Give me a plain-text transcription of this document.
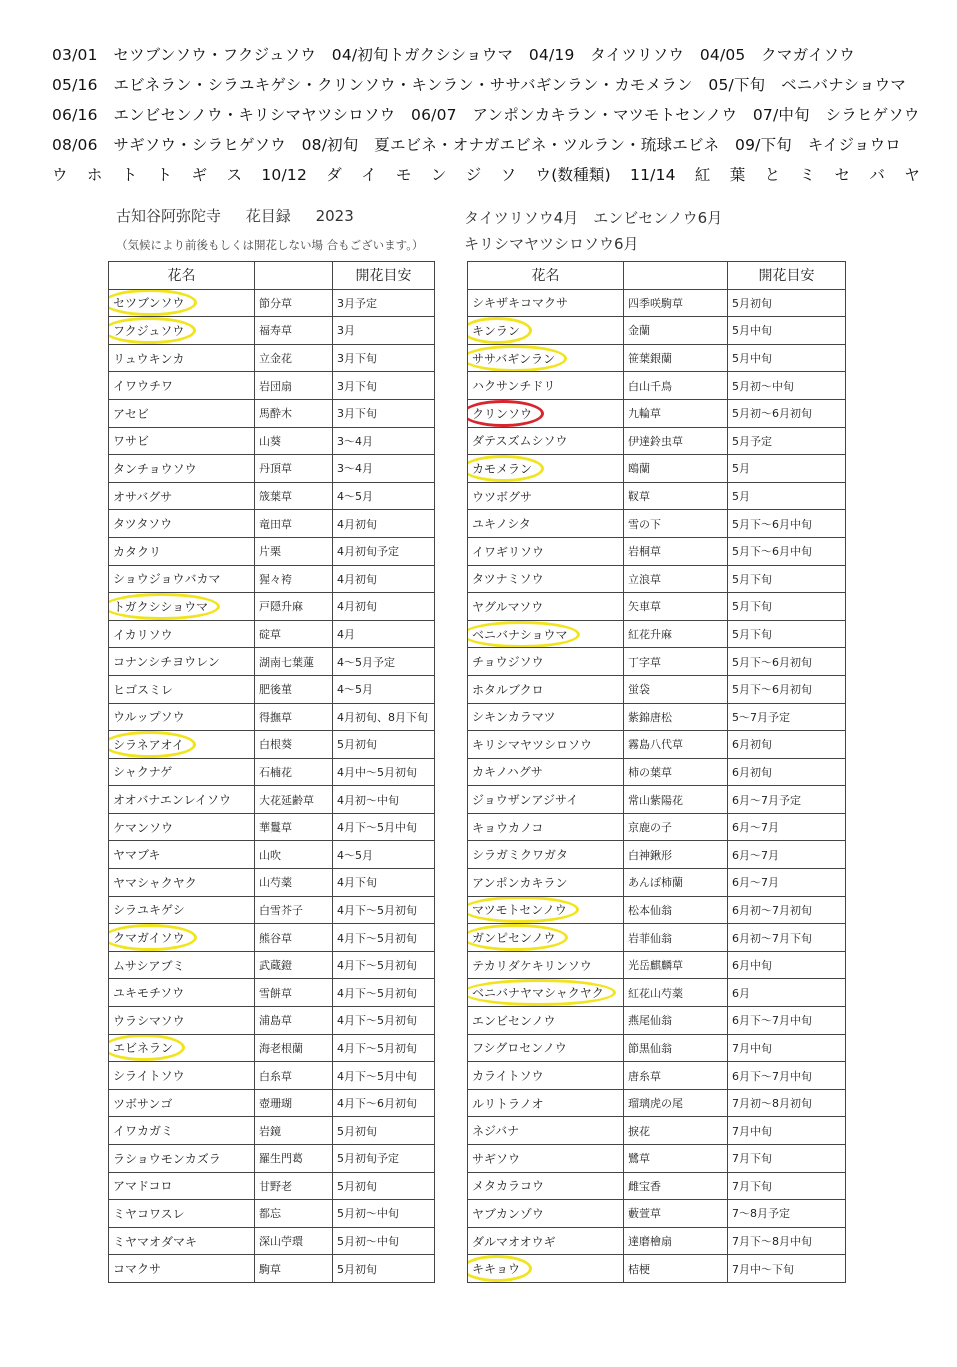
03/01　セツブンソウ・フクジュソウ　04/初旬トガクシショウマ　04/19　タイツリソウ　04/05　クマガイソウ
05/16　エビネラン・シラユキゲシ・クリンソウ・キンラン・ササバギンラン・カモメラン　05/下旬　ベニバナショウマ
06/16　エンビセンノウ・キリシマヤツシロソウ　06/07　アンポンカキラン・マツモトセンノウ　07/中旬　シラヒゲソウ
08/06　サギソウ・シラヒゲソウ　08/初旬　夏エビネ・オナガエビネ・ツルラン・琉球エビネ　09/下旬　キイジョウロ
ウ ホ ト ト ギ ス 10/12 ダ イ モ ン ジ ソ ウ(数種類) 11/14 紅 葉 と ミ セ バ ヤ
古知谷阿弥陀寺 花目録 2023	タイツリソウ4月　エンビセンノウ6月
キリシマヤツシロソウ6月
（気候により前後もしくは開花しない場 合もございます。）
花名		開花目安
セツブンソウ	節分草	3月予定
フクジュソウ	福寿草	3月
リュウキンカ	立金花	3月下旬
イワウチワ	岩団扇	3月下旬
アセビ	馬酔木	3月下旬
ワサビ	山葵	3〜4月
タンチョウソウ	丹頂草	3〜4月
オサバグサ	筬葉草	4〜5月
タツタソウ	竜田草	4月初旬
カタクリ	片栗	4月初旬予定
ショウジョウバカマ	猩々袴	4月初旬
トガクシショウマ	戸隠升麻	4月初旬
イカリソウ	碇草	4月
コナンシチヨウレン	湖南七葉蓮	4〜5月予定
ヒゴスミレ	肥後菫	4〜5月
ウルップソウ	得撫草	4月初旬、8月下旬
シラネアオイ	白根葵	5月初旬
シャクナゲ	石楠花	4月中〜5月初旬
オオバナエンレイソウ	大花延齢草	4月初〜中旬
ケマンソウ	華鬘草	4月下〜5月中旬
ヤマブキ	山吹	4〜5月
ヤマシャクヤク	山芍薬	4月下旬
シラユキゲシ	白雪芥子	4月下〜5月初旬
クマガイソウ	熊谷草	4月下〜5月初旬
ムサシアブミ	武蔵鐙	4月下〜5月初旬
ユキモチソウ	雪餅草	4月下〜5月初旬
ウラシマソウ	浦島草	4月下〜5月初旬
エビネラン	海老根蘭	4月下〜5月初旬
シライトソウ	白糸草	4月下〜5月中旬
ツボサンゴ	壺珊瑚	4月下〜6月初旬
イワカガミ	岩鏡	5月初旬
ラショウモンカズラ	羅生門葛	5月初旬予定
アマドコロ	甘野老	5月初旬
ミヤコワスレ	都忘	5月初〜中旬
ミヤマオダマキ	深山苧環	5月初〜中旬
コマクサ	駒草	5月初旬
花名		開花目安
シキザキコマクサ	四季咲駒草	5月初旬
キンラン	金蘭	5月中旬
ササバギンラン	笹葉銀蘭	5月中旬
ハクサンチドリ	白山千鳥	5月初〜中旬
クリンソウ	九輪草	5月初〜6月初旬
ダテスズムシソウ	伊達鈴虫草	5月予定
カモメラン	鴎蘭	5月
ウツボグサ	靫草	5月
ユキノシタ	雪の下	5月下〜6月中旬
イワギリソウ	岩桐草	5月下〜6月中旬
タツナミソウ	立浪草	5月下旬
ヤグルマソウ	矢車草	5月下旬
ベニバナショウマ	紅花升麻	5月下旬
チョウジソウ	丁字草	5月下〜6月初旬
ホタルブクロ	蛍袋	5月下〜6月初旬
シキンカラマツ	紫錦唐松	5〜7月予定
キリシマヤツシロソウ	霧島八代草	6月初旬
カキノハグサ	柿の葉草	6月初旬
ジョウザンアジサイ	常山紫陽花	6月〜7月予定
キョウカノコ	京鹿の子	6月〜7月
シラガミクワガタ	白神鍬形	6月〜7月
アンポンカキラン	あんぽ柿蘭	6月〜7月
マツモトセンノウ	松本仙翁	6月初〜7月初旬
ガンピセンノウ	岩菲仙翁	6月初〜7月下旬
テカリダケキリンソウ	光岳麒麟草	6月中旬
ベニバナヤマシャクヤク	紅花山芍薬	6月
エンビセンノウ	燕尾仙翁	6月下〜7月中旬
フシグロセンノウ	節黒仙翁	7月中旬
カライトソウ	唐糸草	6月下〜7月中旬
ルリトラノオ	瑠璃虎の尾	7月初〜8月初旬
ネジバナ	捩花	7月中旬
サギソウ	鷺草	7月下旬
メタカラコウ	雌宝香	7月下旬
ヤブカンゾウ	藪萱草	7〜8月予定
ダルマオオウギ	達磨檜扇	7月下〜8月中旬
キキョウ	桔梗	7月中〜下旬
